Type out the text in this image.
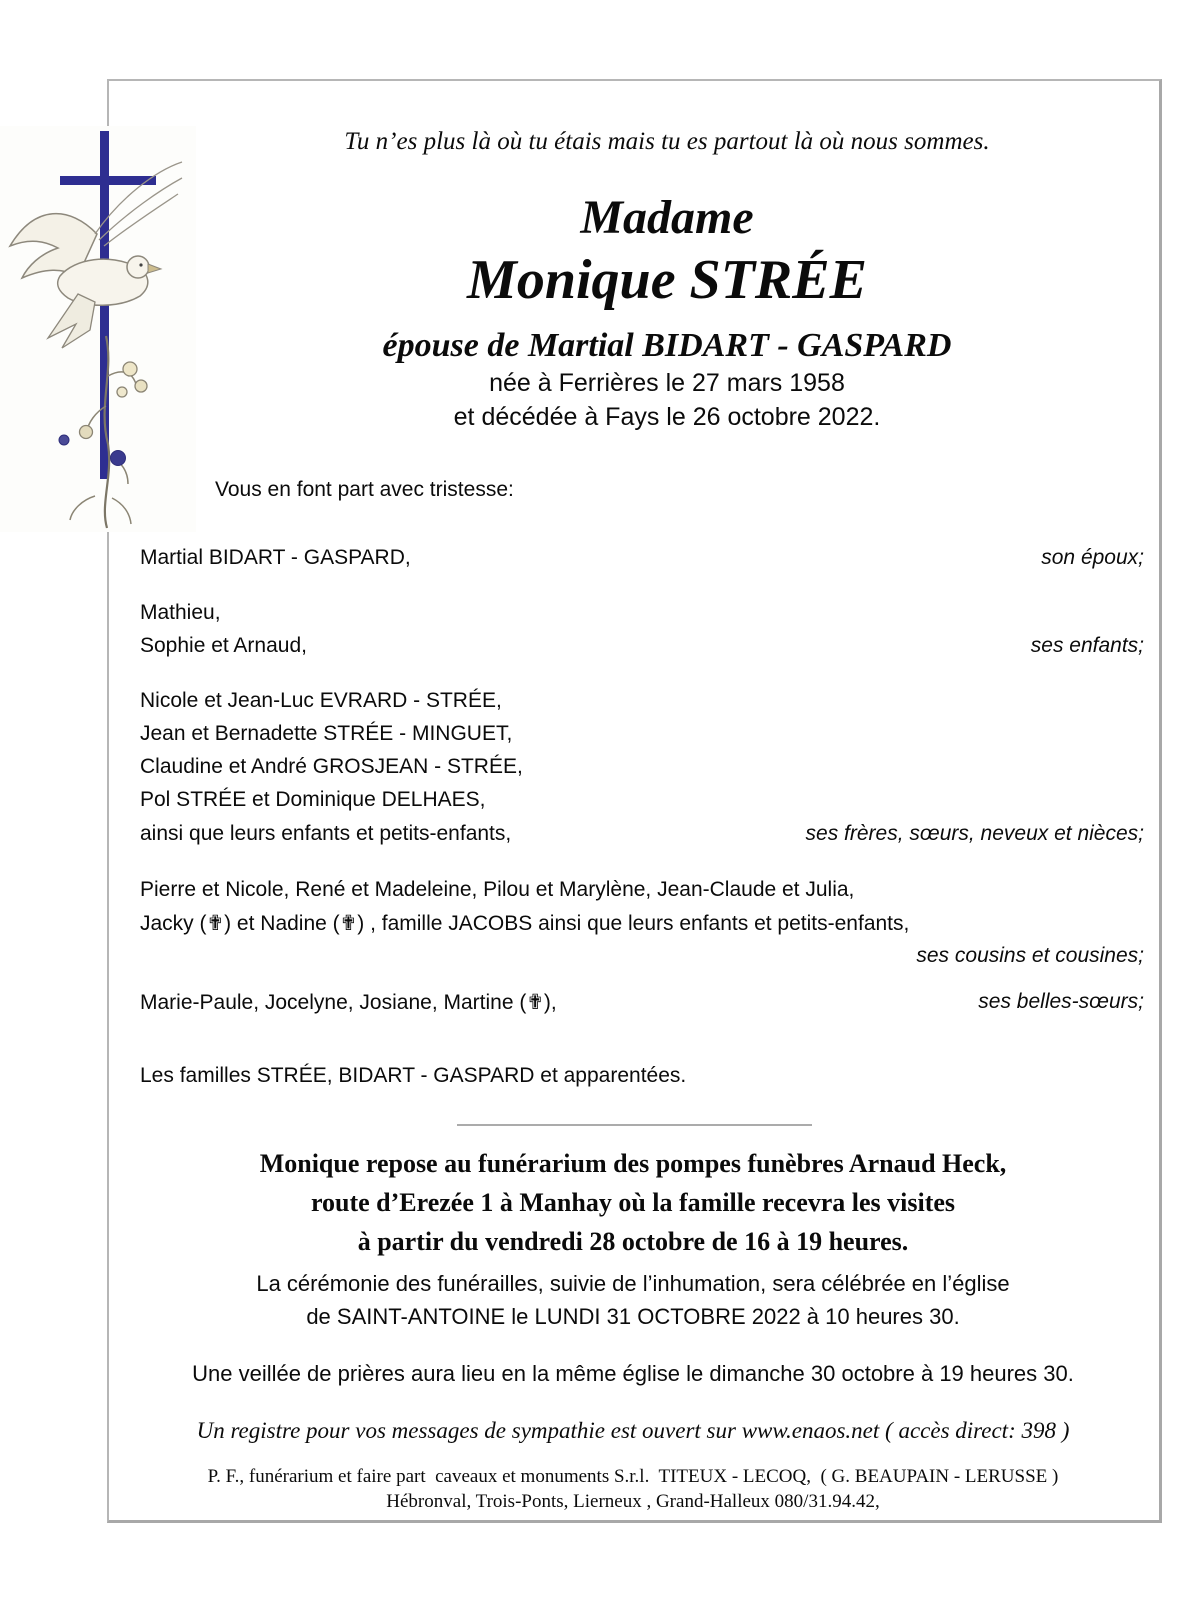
Tu n’es plus là où tu étais mais tu es partout là où nous sommes.
Madame
Monique STRÉE
épouse de Martial BIDART - GASPARD
née à Ferrières le 27 mars 1958
et décédée à Fays le 26 octobre 2022.
Vous en font part avec tristesse:
Martial BIDART - GASPARD,	son époux;
Mathieu,
Sophie et Arnaud,	ses enfants;
Nicole et Jean-Luc EVRARD - STRÉE,
Jean et Bernadette STRÉE - MINGUET,
Claudine et André GROSJEAN - STRÉE,
Pol STRÉE et Dominique DELHAES,
ainsi que leurs enfants et petits-enfants,	ses frères, sœurs, neveux et nièces;
Pierre et Nicole, René et Madeleine, Pilou et Marylène, Jean-Claude et Julia,
Jacky (✟) et Nadine (✟) , famille JACOBS ainsi que leurs enfants et petits-enfants,
ses cousins et cousines;
Marie-Paule, Jocelyne, Josiane, Martine (✟),	ses belles-sœurs;
Les familles STRÉE, BIDART - GASPARD et apparentées.
Monique repose au funérarium des pompes funèbres Arnaud Heck,
route d’Erezée 1 à Manhay où la famille recevra les visites
à partir du vendredi 28 octobre de 16 à 19 heures.
La cérémonie des funérailles, suivie de l’inhumation, sera célébrée en l’église
de SAINT-ANTOINE le LUNDI 31 OCTOBRE 2022 à 10 heures 30.
Une veillée de prières aura lieu en la même église le dimanche 30 octobre à 19 heures 30.
Un registre pour vos messages de sympathie est ouvert sur www.enaos.net ( accès direct: 398 )
P. F., funérarium et faire part  caveaux et monuments S.r.l.  TITEUX - LECOQ,  ( G. BEAUPAIN - LERUSSE )
Hébronval, Trois-Ponts, Lierneux , Grand-Halleux 080/31.94.42,
